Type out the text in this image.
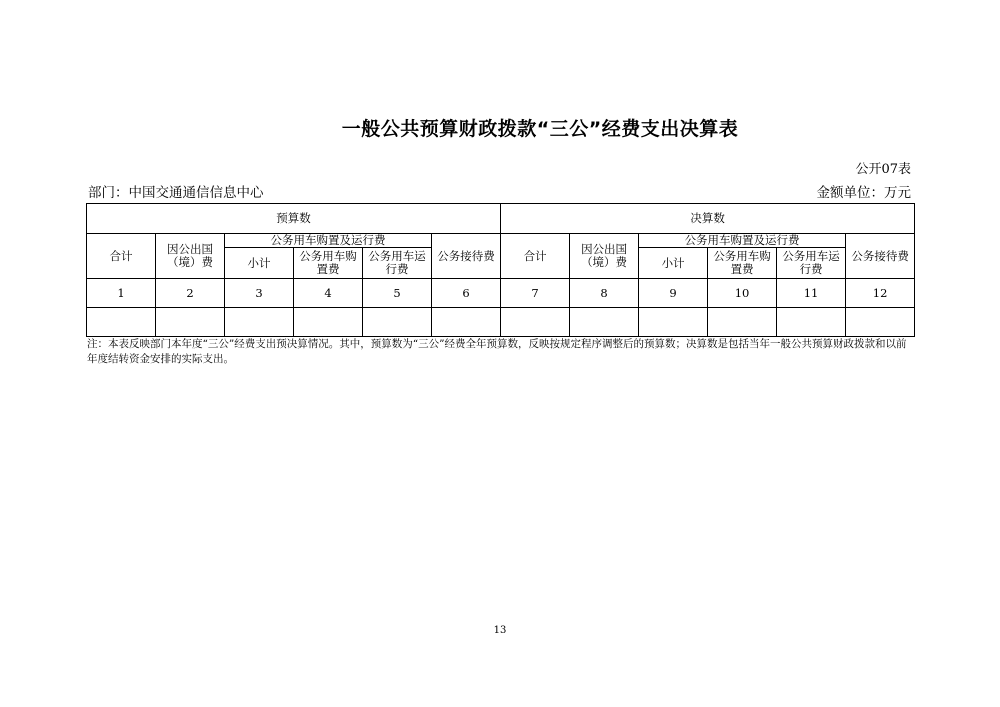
一般公共预算财政拨款“三公”经费支出决算表
公开07表
部门：中国交通通信信息中心	金额单位：万元
预算数						决算数					
合计	因公出国（境）费	公务用车购置及运行费			公务接待费	合计	因公出国（境）费	公务用车购置及运行费			公务接待费
		小计	公务用车购置费	公务用车运行费				小计	公务用车购置费	公务用车运行费	
1	2	3	4	5	6	7	8	9	10	11	12

注：本表反映部门本年度“三公”经费支出预决算情况。其中，预算数为“三公”经费全年预算数，反映按规定程序调整后的预算数；决算数是包括当年一般公共预算财政拨款和以前年度结转资金安排的实际支出。
13
